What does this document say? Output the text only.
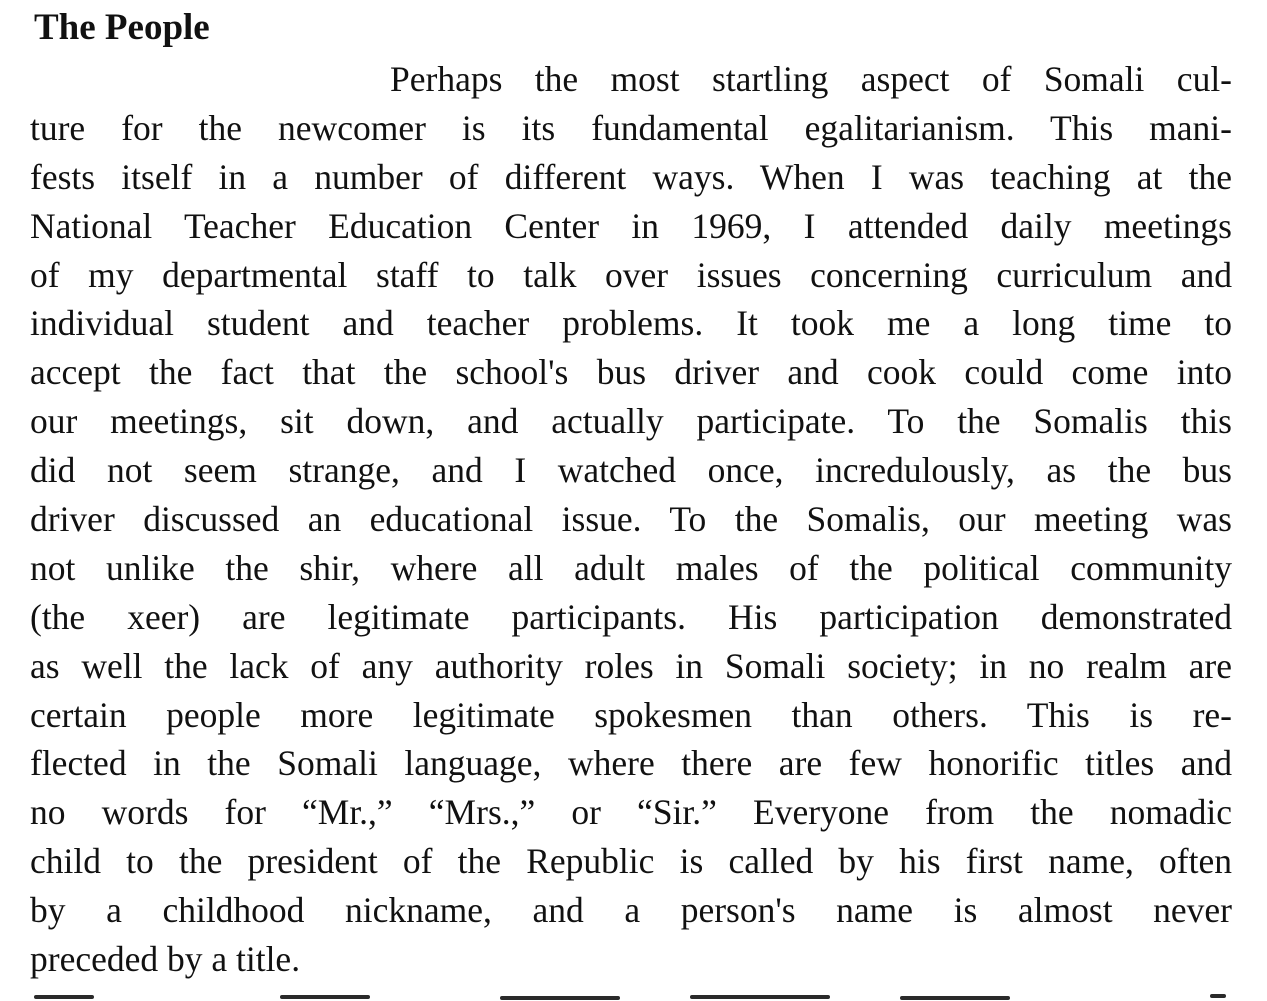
The People
Perhaps the most startling aspect of Somali cul-
ture for the newcomer is its fundamental egalitarianism. This mani-
fests itself in a number of different ways. When I was teaching at the
National Teacher Education Center in 1969, I attended daily meetings
of my departmental staff to talk over issues concerning curriculum and
individual student and teacher problems. It took me a long time to
accept the fact that the school's bus driver and cook could come into
our meetings, sit down, and actually participate. To the Somalis this
did not seem strange, and I watched once, incredulously, as the bus
driver discussed an educational issue. To the Somalis, our meeting was
not unlike the shir, where all adult males of the political community
(the xeer) are legitimate participants. His participation demonstrated
as well the lack of any authority roles in Somali society; in no realm are
certain people more legitimate spokesmen than others. This is re-
flected in the Somali language, where there are few honorific titles and
no words for “Mr.,” “Mrs.,” or “Sir.” Everyone from the nomadic
child to the president of the Republic is called by his first name, often
by a childhood nickname, and a person's name is almost never
preceded by a title.
